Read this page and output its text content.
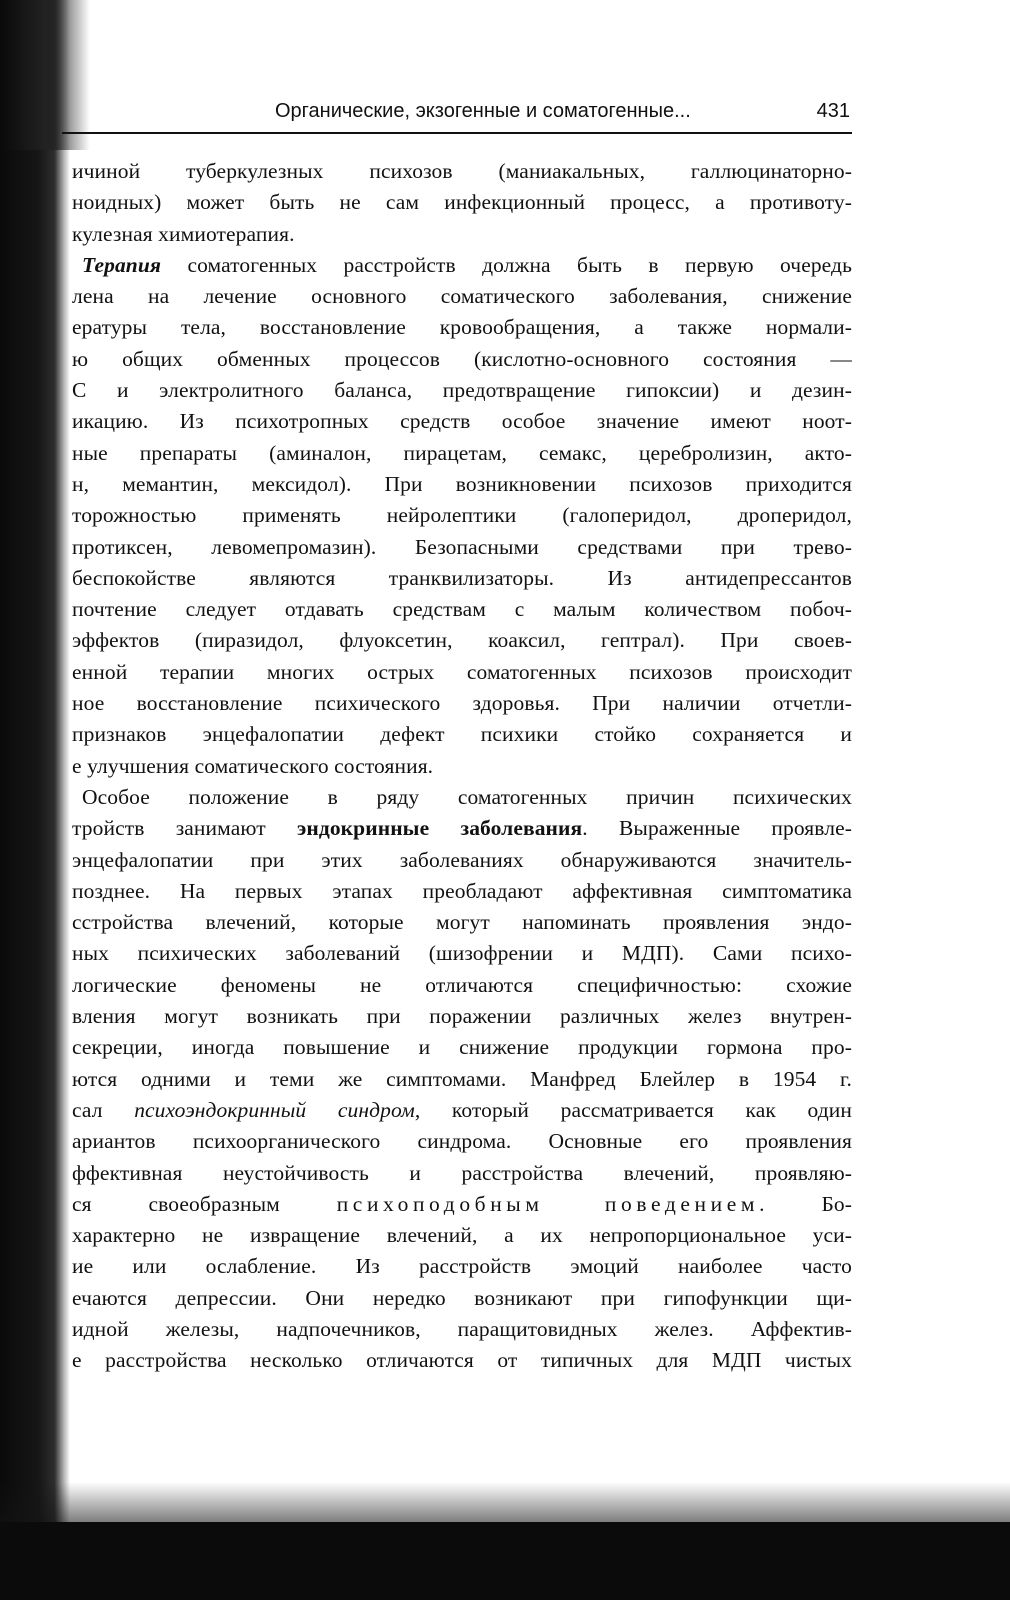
Органические, экзогенные и соматогенные...	431
ичиной туберкулезных психозов (маниакальных, галлюцинаторно-
ноидных) может быть не сам инфекционный процесс, а противоту-
кулезная химиотерапия.
Терапия соматогенных расстройств должна быть в первую очередь
лена на лечение основного соматического заболевания, снижение
ературы тела, восстановление кровообращения, а также нормали-
ю общих обменных процессов (кислотно-основного состояния —
С и электролитного баланса, предотвращение гипоксии) и дезин-
икацию. Из психотропных средств особое значение имеют ноот-
ные препараты (аминалон, пирацетам, семакс, церебролизин, акто-
н, мемантин, мексидол). При возникновении психозов приходится
торожностью применять нейролептики (галоперидол, дроперидол,
протиксен, левомепромазин). Безопасными средствами при трево-
беспокойстве являются транквилизаторы. Из антидепрессантов
почтение следует отдавать средствам с малым количеством побоч-
эффектов (пиразидол, флуоксетин, коаксил, гептрал). При своев-
енной терапии многих острых соматогенных психозов происходит
ное восстановление психического здоровья. При наличии отчетли-
признаков энцефалопатии дефект психики стойко сохраняется и
е улучшения соматического состояния.
Особое положение в ряду соматогенных причин психических
тройств занимают эндокринные заболевания. Выраженные проявле-
энцефалопатии при этих заболеваниях обнаруживаются значитель-
позднее. На первых этапах преобладают аффективная симптоматика
сстройства влечений, которые могут напоминать проявления эндо-
ных психических заболеваний (шизофрении и МДП). Сами психо-
логические феномены не отличаются специфичностью: схожие
вления могут возникать при поражении различных желез внутрен-
секреции, иногда повышение и снижение продукции гормона про-
ются одними и теми же симптомами. Манфред Блейлер в 1954 г.
сал психоэндокринный синдром, который рассматривается как один
ариантов психоорганического синдрома. Основные его проявления
ффективная неустойчивость и расстройства влечений, проявляю-
ся своеобразным психоподобным поведением. Бо-
характерно не извращение влечений, а их непропорциональное уси-
ие или ослабление. Из расстройств эмоций наиболее часто
ечаются депрессии. Они нередко возникают при гипофункции щи-
идной железы, надпочечников, паращитовидных желез. Аффектив-
е расстройства несколько отличаются от типичных для МДП чистых
